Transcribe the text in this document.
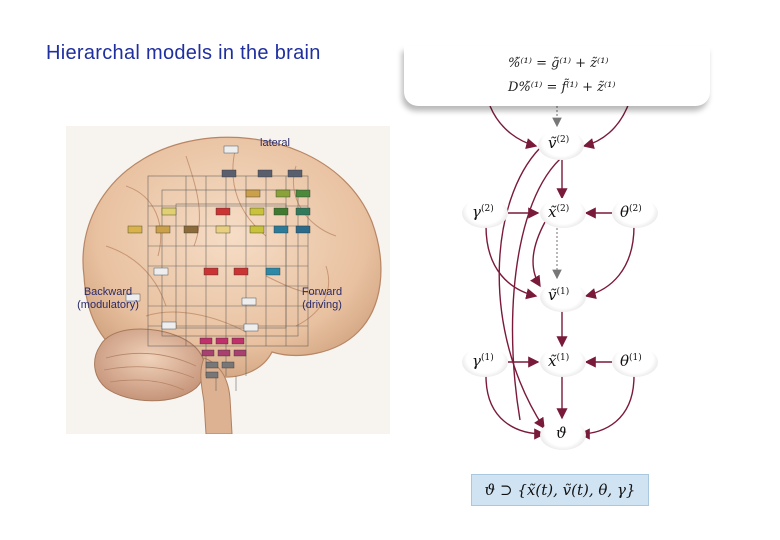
Hierarchal models in the brain
lateral
Backward
(modulatory)
Forward
(driving)
%̃⁽¹⁾ = g̃⁽¹⁾ + z̃⁽¹⁾
D%̃⁽¹⁾ = f̃⁽¹⁾ + z̃⁽¹⁾
ṽ$^{(2)}$
$\gamma^{(2)}$	x̃$^{(2)}$	$\theta^{(2)}$
ṽ$^{(1)}$
$\gamma^{(1)}$	x̃$^{(1)}$	$\theta^{(1)}$
ϑ
ϑ ⊃ {x̃(t), ṽ(t), θ, γ}
